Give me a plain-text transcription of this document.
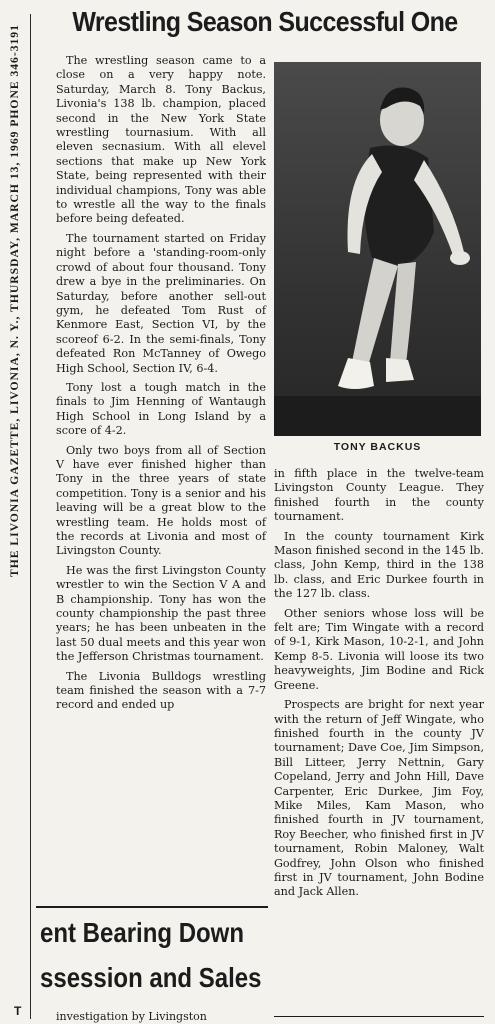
THE LIVONIA GAZETTE, LIVONIA, N. Y., THURSDAY, MARCH 13, 1969 PHONE 346-3191
T
Wrestling Season Successful One

The wrestling season came to a close on a very happy note. Saturday, March 8. Tony Backus, Livonia's 138 lb. champion, placed second in the New York State wrestling tournasium. With all eleven secnasium. With all elevel sections that make up New York State, being represented with their individual champions, Tony was able to wrestle all the way to the finals before being defeated.

The tournament started on Friday night before a 'standing-room-only crowd of about four thousand. Tony drew a bye in the preliminaries. On Saturday, before another sell-out gym, he defeated Tom Rust of Kenmore East, Section VI, by the scoreof 6-2. In the semi-finals, Tony defeated Ron McTanney of Owego High School, Section IV, 6-4.

Tony lost a tough match in the finals to Jim Henning of Wantaugh High School in Long Island by a score of 4-2.

Only two boys from all of Section V have ever finished higher than Tony in the three years of state competition. Tony is a senior and his leaving will be a great blow to the wrestling team. He holds most of the records at Livonia and most of Livingston County.

He was the first Livingston County wrestler to win the Section V A and B championship. Tony has won the county championship the past three years; he has been unbeaten in the last 50 dual meets and this year won the Jefferson Christmas tournament.

The Livonia Bulldogs wrestling team finished the season with a 7-7 record and ended up

TONY BACKUS

in fifth place in the twelve-team Livingston County League. They finished fourth in the county tournament.

In the county tournament Kirk Mason finished second in the 145 lb. class, John Kemp, third in the 138 lb. class, and Eric Durkee fourth in the 127 lb. class.

Other seniors whose loss will be felt are; Tim Wingate with a record of 9-1, Kirk Mason, 10-2-1, and John Kemp 8-5. Livonia will loose its two heavyweights, Jim Bodine and Rick Greene.

Prospects are bright for next year with the return of Jeff Wingate, who finished fourth in the county JV tournament; Dave Coe, Jim Simpson, Bill Litteer, Jerry Nettnin, Gary Copeland, Jerry and John Hill, Dave Carpenter, Eric Durkee, Jim Foy, Mike Miles, Kam Mason, who finished fourth in JV tournament, Roy Beecher, who finished first in JV tournament, Robin Maloney, Walt Godfrey, John Olson who finished first in JV tournament, John Bodine and Jack Allen.

ent Bearing Down
ssession and Sales
investigation by Livingston
